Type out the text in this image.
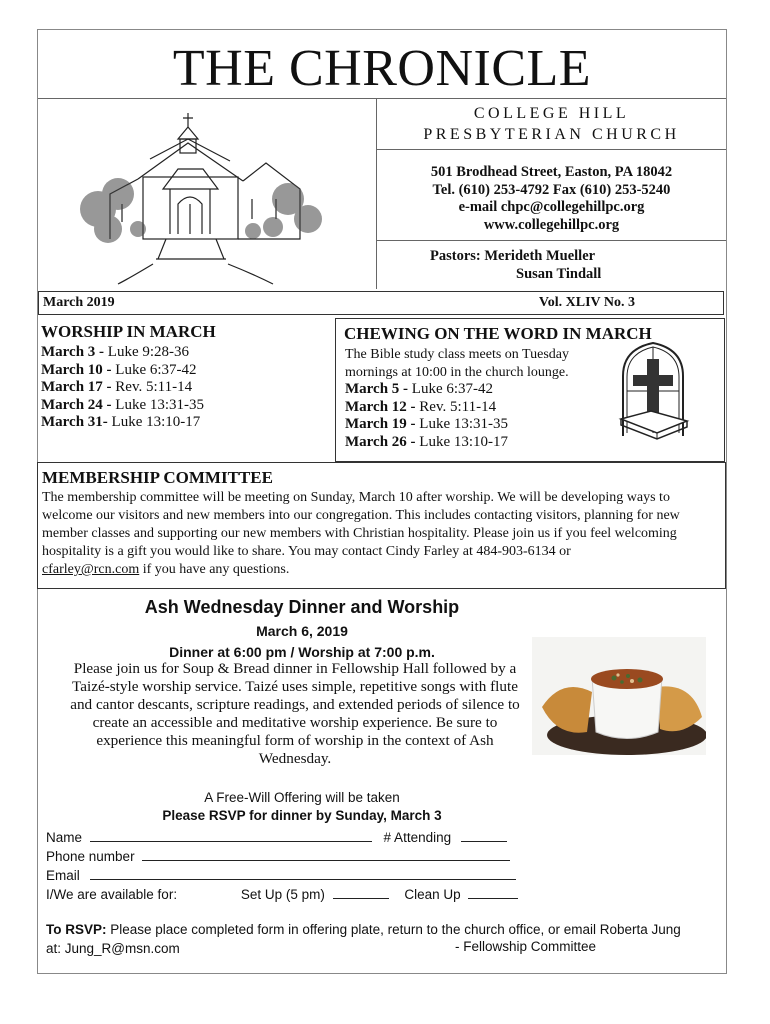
THE CHRONICLE
COLLEGE HILL
PRESBYTERIAN CHURCH
501 Brodhead Street, Easton, PA 18042
Tel. (610) 253-4792 Fax (610) 253-5240
e-mail chpc@collegehillpc.org
www.collegehillpc.org
Pastors: Merideth Mueller
Susan Tindall
March 2019	Vol. XLIV No. 3
WORSHIP IN MARCH
March 3 - Luke 9:28-36
March 10 - Luke 6:37-42
March 17 - Rev. 5:11-14
March 24 - Luke 13:31-35
March 31- Luke 13:10-17
CHEWING ON THE WORD IN MARCH
The Bible study class meets on Tuesday mornings at 10:00 in the church lounge.
March 5 - Luke 6:37-42
March 12 - Rev. 5:11-14
March 19 - Luke 13:31-35
March 26 - Luke 13:10-17
MEMBERSHIP COMMITTEE
The membership committee will be meeting on Sunday, March 10 after worship. We will be developing ways to welcome our visitors and new members into our congregation. This includes contacting visitors, planning for new member classes and supporting our new members with Christian hospitality. Please join us if you feel welcoming hospitality is a gift you would like to share. You may contact Cindy Farley at 484-903-6134 or
cfarley@rcn.com if you have any questions.
Ash Wednesday Dinner and Worship
March 6, 2019
Dinner at 6:00 pm / Worship at 7:00 p.m.
Please join us for Soup & Bread dinner in Fellowship Hall followed by a Taizé-style worship service. Taizé uses simple, repetitive songs with flute and cantor descants, scripture readings, and extended periods of silence to create an accessible and meditative worship experience. Be sure to experience this meaningful form of worship in the context of Ash Wednesday.
A Free-Will Offering will be taken
Please RSVP for dinner by Sunday, March 3
Name	# Attending
Phone number
Email
I/We are available for:	Set Up (5 pm)	Clean Up
To RSVP: Please place completed form in offering plate, return to the church office, or email Roberta Jung
at: Jung_R@msn.com	- Fellowship Committee
